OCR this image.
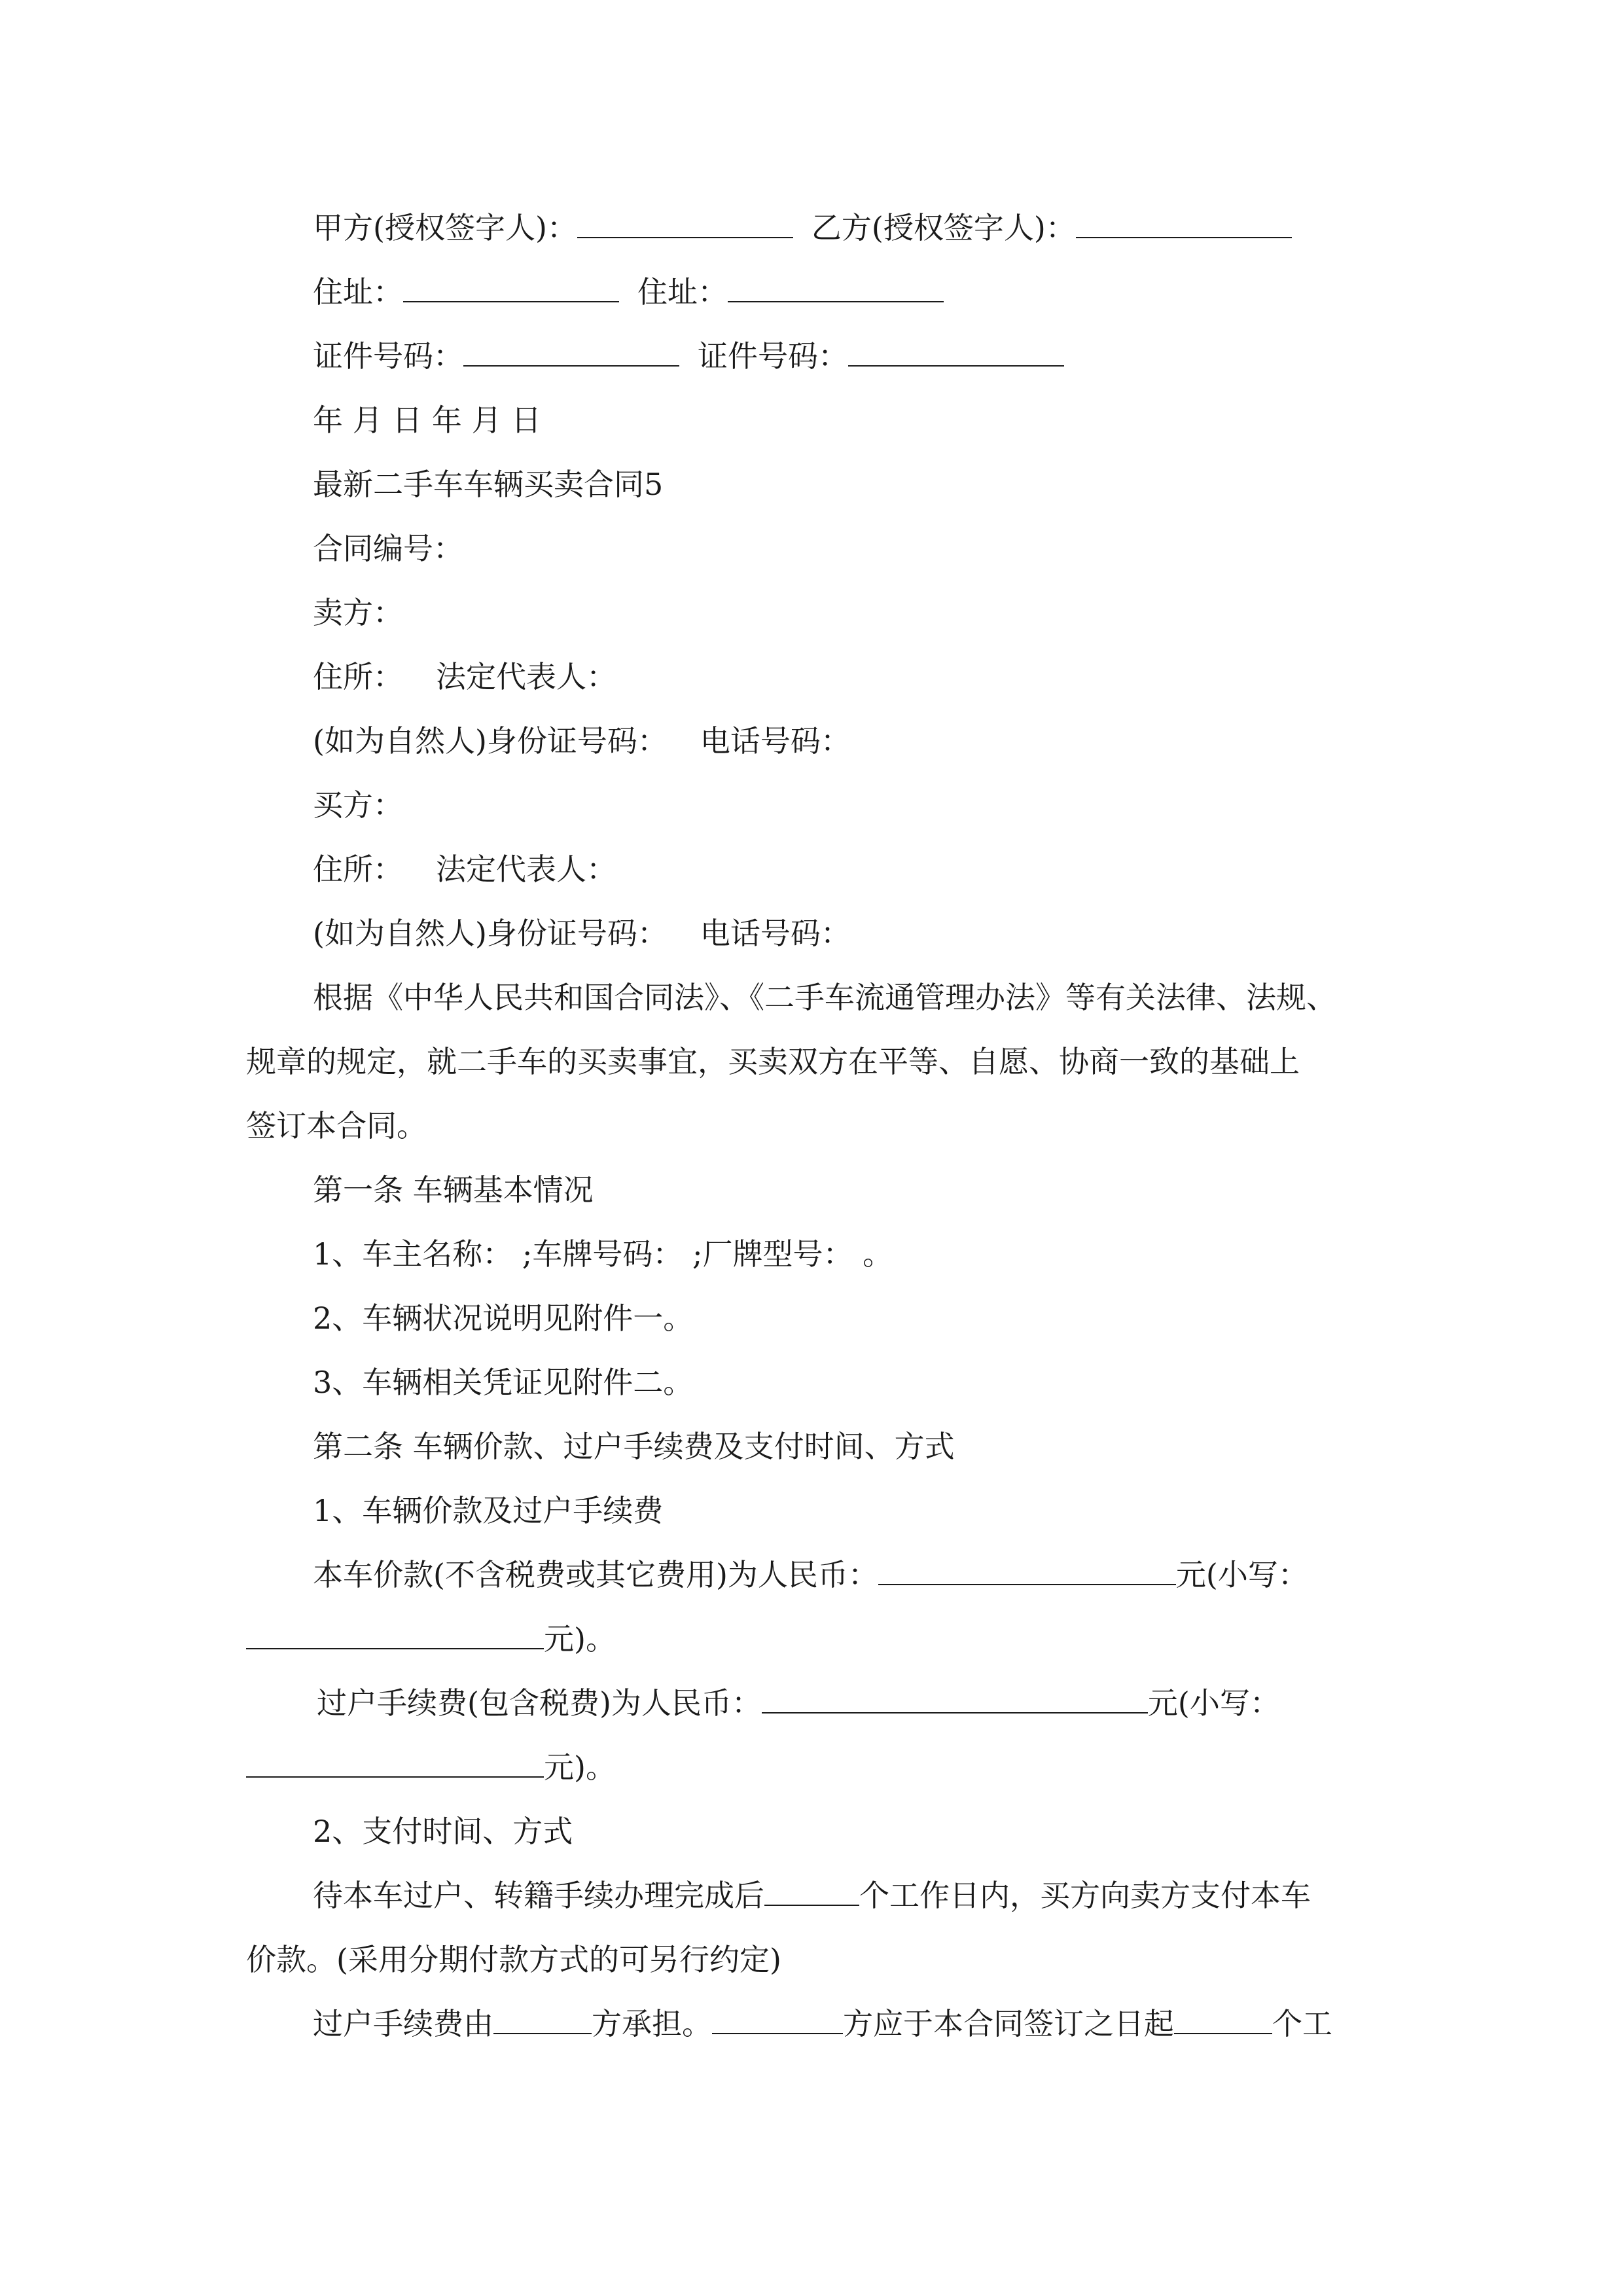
甲方(授权签字人)：	乙方(授权签字人)：
住址：	住址：
证件号码：	证件号码：
年 月 日 年 月 日
最新二手车车辆买卖合同5
合同编号：
卖方：
住所： 法定代表人：
(如为自然人)身份证号码： 电话号码：
买方：
住所： 法定代表人：
(如为自然人)身份证号码： 电话号码：
根据《中华人民共和国合同法》、《二手车流通管理办法》等有关法律、法规、
规章的规定，就二手车的买卖事宜，买卖双方在平等、自愿、协商一致的基础上
签订本合同。
第一条 车辆基本情况
1、车主名称： ;车牌号码： ;厂牌型号： 。
2、车辆状况说明见附件一。
3、车辆相关凭证见附件二。
第二条 车辆价款、过户手续费及支付时间、方式
1、车辆价款及过户手续费
本车价款(不含税费或其它费用)为人民币：	元(小写：
元)。
过户手续费(包含税费)为人民币：	元(小写：
元)。
2、支付时间、方式
待本车过户、转籍手续办理完成后	个工作日内，买方向卖方支付本车
价款。(采用分期付款方式的可另行约定)
过户手续费由	方承担。	方应于本合同签订之日起	个工
